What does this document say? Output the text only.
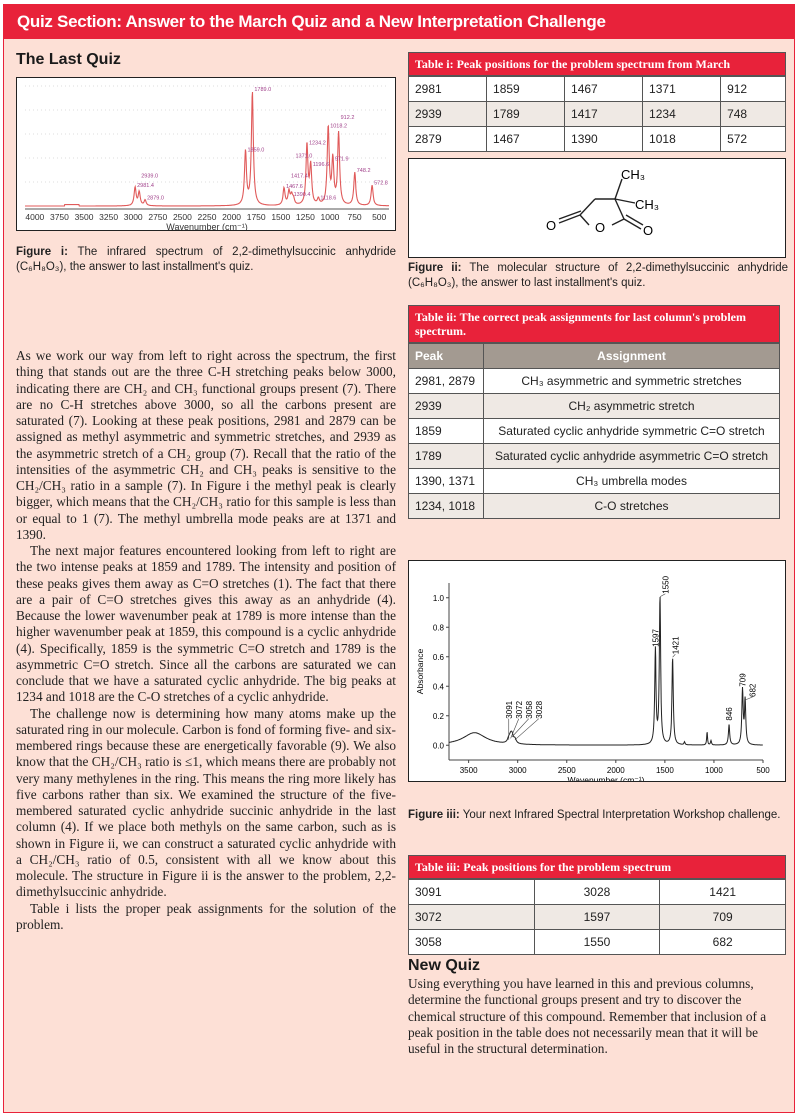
Quiz Section: Answer to the March Quiz and a New Interpretation Challenge
The Last Quiz
4000 3750 3500 3250 3000 2750 2500 2250 2000 1750 1500 1250 1000 750 500
1789.0
1018.2
912.2
1234.2
1859.0
971.9
1196.6
748.2
572.8
2981.4	1467.6
2939.0	1417.4
1390.4
2879.0
1371.0
1118.6
Wavenumber (cm⁻¹)
Figure i: The infrared spectrum of 2,2-dimethylsuccinic anhydride (C₆H₈O₃), the answer to last installment's quiz.

As we work our way from left to right across the spectrum, the first thing that stands out are the three C-H stretching peaks below 3000, indicating there are CH₂ and CH₃ functional groups present (7). There are no C-H stretches above 3000, so all the carbons present are saturated (7). Looking at these peak positions, 2981 and 2879 can be assigned as methyl asymmetric and symmetric stretches, and 2939 as the asymmetric stretch of a CH₂ group (7). Recall that the ratio of the intensities of the asymmetric CH₂ and CH₃ peaks is sensitive to the CH₂/CH₃ ratio in a sample (7). In Figure i the methyl peak is clearly bigger, which means that the CH₂/CH₃ ratio for this sample is less than or equal to 1 (7). The methyl umbrella mode peaks are at 1371 and 1390.

The next major features encountered looking from left to right are the two intense peaks at 1859 and 1789. The intensity and position of these peaks gives them away as C=O stretches (1). The fact that there are a pair of C=O stretches gives this away as an anhydride (4). Because the lower wavenumber peak at 1789 is more intense than the higher wavenumber peak at 1859, this compound is a cyclic anhydride (4). Specifically, 1859 is the symmetric C=O stretch and 1789 is the asymmetric C=O stretch. Since all the carbons are saturated we can conclude that we have a saturated cyclic anhydride. The big peaks at 1234 and 1018 are the C-O stretches of a cyclic anhydride.

The challenge now is determining how many atoms make up the saturated ring in our molecule. Carbon is fond of forming five- and six-membered rings because these are energetically favorable (9). We also know that the CH₂/CH₃ ratio is ≤1, which means there are probably not very many methylenes in the ring. This means the ring more likely has five carbons rather than six. We examined the structure of the five-membered saturated cyclic anhydride succinic anhydride in the last column (4). If we place both methyls on the same carbon, such as is shown in Figure ii, we can construct a saturated cyclic anhydride with a CH₂/CH₃ ratio of 0.5, consistent with all we know about this molecule. The structure in Figure ii is the answer to the problem, 2,2-dimethylsuccinic anhydride.

Table i lists the proper peak assignments for the solution of the problem.

Table i: Peak positions for the problem spectrum from March
2981	1859	1467	1371	912
2939	1789	1417	1234	748
2879	1467	1390	1018	572
O	O	O
CH₃
CH₃
Figure ii: The molecular structure of 2,2-dimethylsuccinic anhydride (C₆H₈O₃), the answer to last installment's quiz.
Table ii: The correct peak assignments for last column's problem spectrum.
Peak	Assignment
2981, 2879	CH₃ asymmetric and symmetric stretches
2939	CH₂ asymmetric stretch
1859	Saturated cyclic anhydride symmetric C=O stretch
1789	Saturated cyclic anhydride asymmetric C=O stretch
1390, 1371	CH₃ umbrella modes
1234, 1018	C-O stretches
0.0
0.2
0.4
0.6
0.8
1.0
3500	3000	2500	2000	1500	1000	500
3091 3072 3058 3028
1597
1550
1421
846
709
682
Wavenumber (cm⁻¹)
Absorbance
Figure iii: Your next Infrared Spectral Interpretation Workshop challenge.
Table iii: Peak positions for the problem spectrum
3091	3028	1421
3072	1597	709
3058	1550	682
New Quiz

Using everything you have learned in this and previous columns, determine the functional groups present and try to discover the chemical structure of this compound. Remember that inclusion of a peak position in the table does not necessarily mean that it will be useful in the structural determination.
